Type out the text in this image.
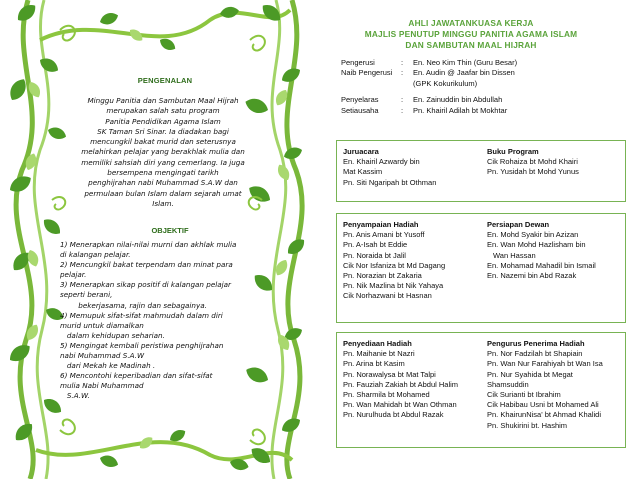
PENGENALAN
Minggu Panitia dan Sambutan Maal Hijrah
merupakan salah satu program
Panitia Pendidikan Agama Islam
SK Taman Sri Sinar. Ia diadakan bagi
mencungkil bakat murid dan seterusnya
melahirkan pelajar yang berakhlak mulia dan
memiliki sahsiah diri yang cemerlang. Ia juga
bersempena mengingati tarikh
penghijrahan nabi Muhammad S.A.W dan
permulaan bulan Islam dalam sejarah umat
Islam.
OBJEKTIF
1) Menerapkan nilai-nilai murni dan akhlak mulia
di kalangan pelajar.
2) Mencungkil bakat terpendam dan minat para
pelajar.
3) Menerapkan sikap positif di kalangan pelajar
seperti berani,
bekerjasama, rajin dan sebagainya.
4) Memupuk sifat-sifat mahmudah dalam diri
murid untuk diamalkan
dalam kehidupan seharian.
5) Mengingat kembali peristiwa penghijrahan
nabi Muhammad S.A.W
dari Mekah ke Madinah .
6) Mencontohi keperibadian dan sifat-sifat
mulia Nabi Muhammad
S.A.W.
AHLI JAWATANKUASA KERJA
MAJLIS PENUTUP MINGGU PANITIA AGAMA ISLAM
DAN SAMBUTAN MAAL HIJRAH
Pengerusi	:	En. Neo Kim Thin (Guru Besar)
Naib Pengerusi	:	En. Audin @ Jaafar bin Dissen
(GPK Kokurikulum)
Penyelaras	:	En. Zainuddin bin Abdullah
Setiausaha	:	Pn. Khairil Adilah bt Mokhtar
Juruacara
En. Khairil Azwardy bin
Mat Kassim
Pn. Siti Ngaripah bt Othman
Buku Program
Cik Rohaiza bt Mohd Khairi
Pn. Yusidah bt Mohd Yunus
Penyampaian Hadiah
Pn. Anis Amani bt Yusoff
Pn. A-Isah bt Eddie
Pn. Noraida bt Jalil
Cik Nor Isfaniza bt Md Dagang
Pn. Norazian bt Zakaria
Pn. Nik Mazlina bt Nik Yahaya
Cik Norhazwani bt Hasnan
Persiapan Dewan
En. Mohd Syakir bin Azizan
En. Wan Mohd Hazlisham bin
Wan Hassan
En. Mohamad Mahadil bin Ismail
En. Nazemi bin Abd Razak
Penyediaan Hadiah
Pn. Maihanie bt Nazri
Pn. Arina bt Kasim
Pn. Norawalysa bt Mat Talpi
Pn. Fauziah Zakiah bt Abdul Halim
Pn. Sharmila bt Mohamed
Pn. Wan Mahidah bt Wan Othman
Pn. Nurulhuda bt Abdul Razak
Pengurus Penerima Hadiah
Pn. Nor Fadzilah bt Shapiain
Pn. Wan Nur Farahiyah bt Wan Isa
Pn. Nur Syahida bt Megat
Shamsuddin
Cik Surianti bt Ibrahim
Cik Habibau Usni bt Mohamed Ali
Pn. KhairunNisa' bt Ahmad Khalidi
Pn. Shukirini bt. Hashim
